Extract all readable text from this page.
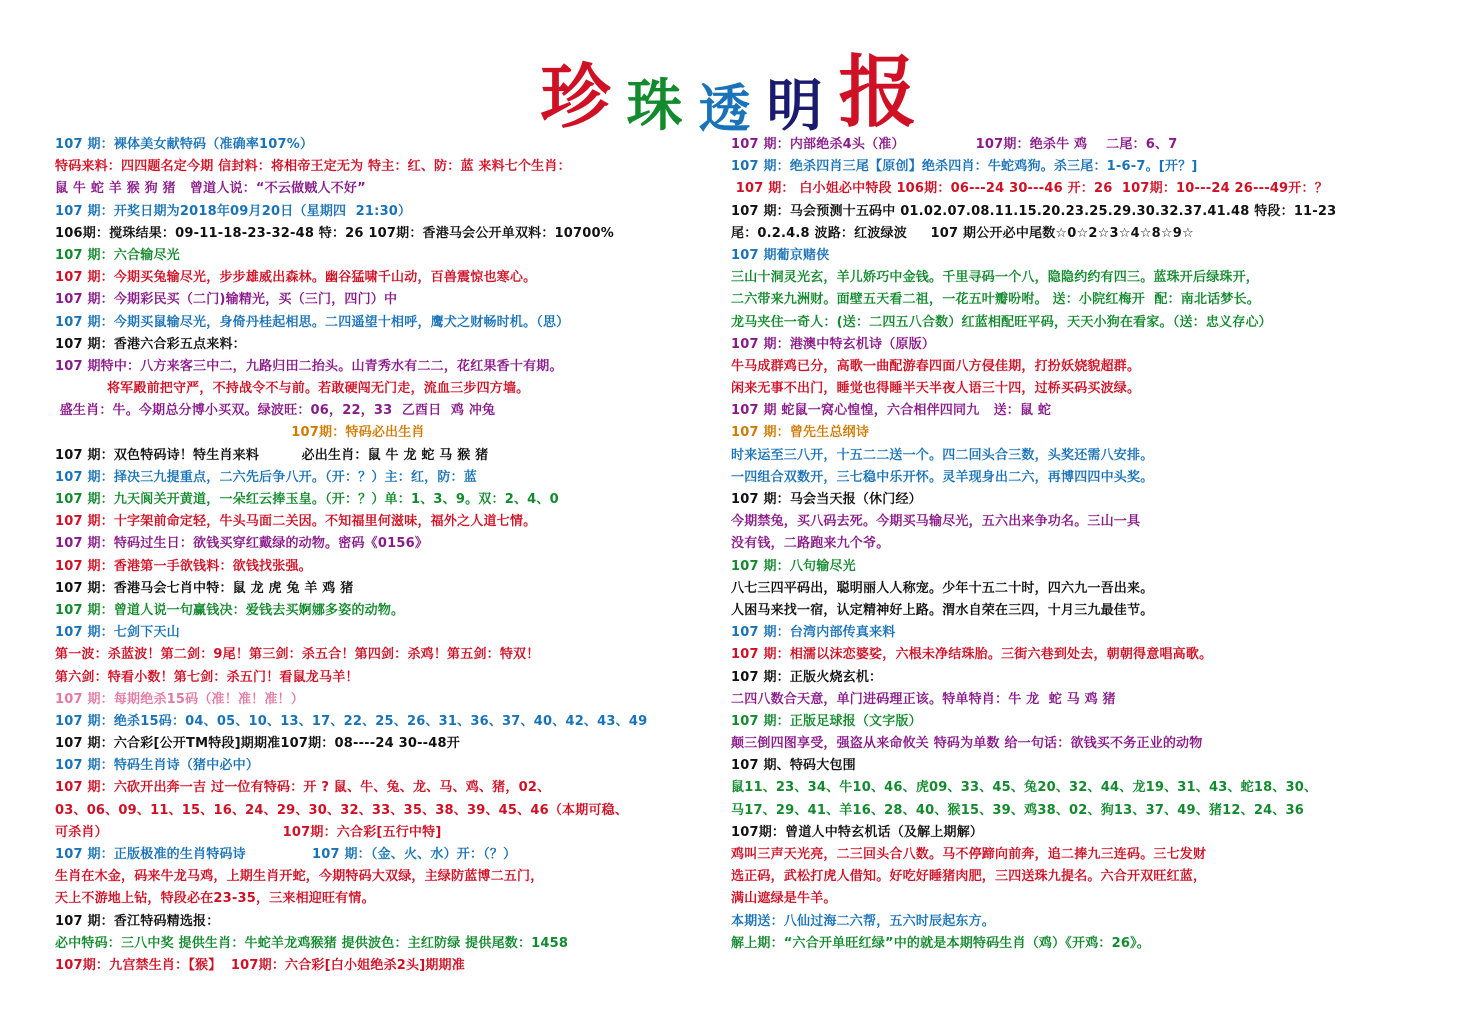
珍 珠 透 明 报
107 期：裸体美女献特码（准确率107%）
特码来料：四四题名定今期 信封料：将相帝王定无为 特主：红、防：蓝 来料七个生肖：
鼠 牛 蛇 羊 猴 狗 猪   曾道人说：“不云做贼人不好”
107 期：开奖日期为2018年09月20日（星期四  21:30）
106期：搅珠结果：09-11-18-23-32-48 特：26 107期：香港马会公开单双料：10700%
107 期：六合输尽光
107 期：今期买兔输尽光，步步雄威出森林。幽谷猛啸千山动，百兽震惊也寒心。
107 期：今期彩民买（二门)输精光，买（三门，四门）中
107 期：今期买鼠输尽光，身倚丹桂起相思。二四遥望十相呼，鹰犬之财畅时机。（思）
107 期：香港六合彩五点来料：
107 期特中：八方来客三中二，九路归田二抬头。山青秀水有二二，花红果香十有期。
将军殿前把守严，不持战令不与前。若敢硬闯无门走，流血三步四方墙。
盛生肖：牛。今期总分博小买双。绿波旺：06，22，33  乙酉日  鸡 冲兔
107期：特码必出生肖
107 期：双色特码诗！特生肖来料         必出生肖：鼠 牛 龙 蛇 马 猴 猪
107 期：择决三九提重点，二六先后争八开。（开：？）主：红，防：蓝
107 期：九天阆关开黄道，一朵红云捧玉皇。（开：？）单：1、3、9。双：2、4、0
107 期：十字架前命定轻，牛头马面二关因。不知福里何滋味，福外之人道七情。
107 期：特码过生日：欲钱买穿红戴绿的动物。密码《0156》
107 期：香港第一手欲钱料：欲钱找张强。
107 期：香港马会七肖中特：鼠 龙 虎 兔 羊 鸡 猪
107 期：曾道人说一句赢钱决：爱钱去买婀娜多姿的动物。
107 期：七剑下天山
第一波：杀蓝波！第二剑：9尾！第三剑：杀五合！第四剑：杀鸡！第五剑：特双！
第六剑：特看小数！第七剑：杀五门！看鼠龙马羊！
107 期：每期绝杀15码（准！准！准！）
107 期：绝杀15码：04、05、10、13、17、22、25、26、31、36、37、40、42、43、49
107 期：六合彩[公开TM特段]期期准107期：08----24 30--48开
107 期：特码生肖诗（猪中必中）
107 期：六砍开出奔一吉 过一位有特码：开 ? 鼠、牛、兔、龙、马、鸡、猪，02、
03、06、09、11、15、16、24、29、30、32、33、35、38、39、45、46（本期可稳、
可杀肖）                                     107期：六合彩[五行中特]
107 期：正版极准的生肖特码诗              107 期：（金、火、水）开：（？）
生肖在木金，码来牛龙马鸡，上期生肖开蛇，今期特码大双绿，主绿防蓝博二五门，
天上不游地上钻，特段必在23-35，三来相迎旺有情。
107 期：香江特码精选报：
必中特码：三八中奖 提供生肖：牛蛇羊龙鸡猴猪 提供波色：主红防绿 提供尾数：1458
107期：九宫禁生肖：【猴】  107期：六合彩[白小姐绝杀2头]期期准
107 期：内部绝杀4头（准）               107期：绝杀牛 鸡    二尾：6、7
107 期：绝杀四肖三尾【原创】绝杀四肖：牛蛇鸡狗。杀三尾：1-6-7。[开？]
107 期： 白小姐必中特段 106期：06---24 30---46 开：26  107期：10---24 26---49开：？
107 期：马会预测十五码中 01.02.07.08.11.15.20.23.25.29.30.32.37.41.48 特段：11-23
尾：0.2.4.8 波路：红波绿波     107 期公开必中尾数☆0☆2☆3☆4☆8☆9☆
107 期葡京赌侠
三山十洞灵光玄，羊儿娇巧中金钱。千里寻码一个八，隐隐约约有四三。蓝珠开后绿珠开，
二六带来九洲财。面壁五天看二祖，一花五叶瓣吩咐。 送：小院红梅开  配：南北话梦长。
龙马夹住一奇人：(送：二四五八合数）红蓝相配旺平码，天天小狗在看家。（送：忠义存心）
107 期：港澳中特玄机诗（原版）
牛马成群鸡已分，高歌一曲配游春四面八方侵佳期，打扮妖娆貌超群。
闲来无事不出门，睡觉也得睡半天半夜人语三十四，过桥买码买波绿。
107 期 蛇鼠一窝心惶惶，六合相伴四同九   送：鼠 蛇
107 期：曾先生总纲诗
时来运至三八开，十五二二送一个。四二回头合三数，头奖还需八安排。
一四组合双数开，三七稳中乐开怀。灵羊现身出二六，再博四四中头奖。
107 期：马会当天报（休门经）
今期禁兔，买八码去死。今期买马输尽光，五六出来争功名。三山一具
没有钱，二路跑来九个爷。
107 期：八句输尽光
八七三四平码出，聪明丽人人称宠。少年十五二十时，四六九一吾出来。
人困马来找一宿，认定精神好上路。渭水自荣在三四，十月三九最佳节。
107 期：台湾内部传真来料
107 期：相濡以沫恋婆娑，六根未净结珠胎。三街六巷到处去，朝朝得意唱高歌。
107 期：正版火烧玄机：
二四八数合天意，单门进码理正该。特单特肖：牛 龙  蛇 马 鸡 猪
107 期：正版足球报（文字版）
颠三倒四图享受，强盗从来命攸关 特码为单数 给一句话：欲钱买不务正业的动物
107 期、特码大包围
鼠11、23、34、牛10、46、虎09、33、45、兔20、32、44、龙19、31、43、蛇18、30、
马17、29、41、羊16、28、40、猴15、39、鸡38、02、狗13、37、49、猪12、24、36
107期：曾道人中特玄机话（及解上期解）
鸡叫三声天光亮，二三回头合八数。马不停蹄向前奔，追二捧九三连码。三七发财
选正码，武松打虎人借知。好吃好睡猪肉肥，三四送珠九提名。六合开双旺红蓝，
满山遮绿是牛羊。
本期送：八仙过海二六帮，五六时辰起东方。
解上期：“六合开单旺红绿”中的就是本期特码生肖（鸡）《开鸡：26》。
